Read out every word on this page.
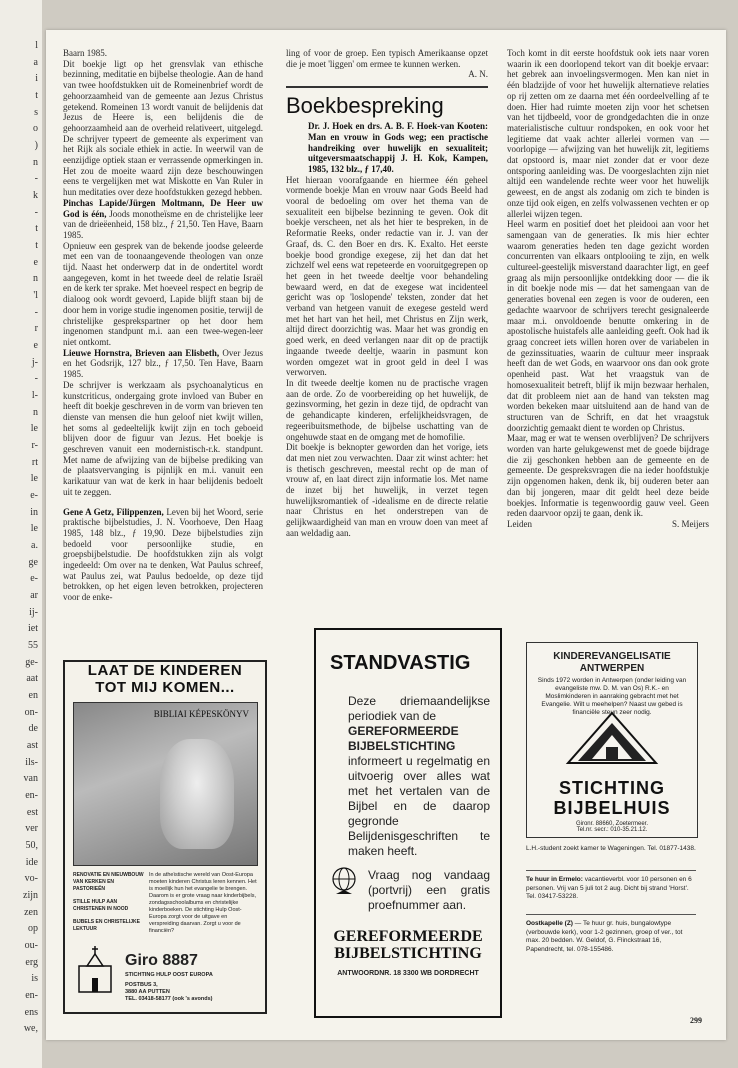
l
a
i
t
s
o
)
n
-
k
-
t
t
e
n
'l
-
r
e
j-
-
l-
n
le
r-
rt
le
e-
in
le
a.
ge
e-
ar
ij-
iet
55
ge-
aat
en
on-
de
ast
ils-
van
en-
est
ver
50,
ide
vo-
zijn
zen
op
ou-
erg
is
en-
ens
we,

Baarn 1985.

Dit boekje ligt op het grensvlak van ethische bezinning, meditatie en bijbelse theologie. Aan de hand van twee hoofdstukken uit de Romeinenbrief wordt de gehoorzaamheid van de gemeente aan Jezus Christus getekend. Romeinen 13 wordt vanuit de belijdenis dat Jezus de Heere is, een belijdenis die de gehoorzaamheid aan de overheid relativeert, uitgelegd. De schrijver typeert de gemeente als experiment van het Rijk als sociale ethiek in actie. In weerwil van de eenzijdige optiek staan er verrassende opmerkingen in. Het zou de moeite waard zijn deze beschouwingen eens te vergelijken met wat Miskotte en Van Ruler in hun meditaties over deze hoofdstukken gezegd hebben.

Pinchas Lapide/Jürgen Moltmann, De Heer uw God is één, Joods monotheïsme en de christelijke leer van de drieëenheid, 158 blz., ƒ 21,50. Ten Have, Baarn 1985.

Opnieuw een gesprek van de bekende joodse geleerde met een van de toonaangevende theologen van onze tijd. Naast het onderwerp dat in de ondertitel wordt aangegeven, komt in het tweede deel de relatie Israël en de kerk ter sprake. Met hoeveel respect en begrip de dialoog ook wordt gevoerd, Lapide blijft staan bij de door hem in vorige studie ingenomen positie, terwijl de christelijke gesprekspartner op het door hem ingenomen standpunt m.i. aan een twee-wegen-leer niet ontkomt.

Lieuwe Hornstra, Brieven aan Elisbeth, Over Jezus en het Godsrijk, 127 blz., ƒ 17,50. Ten Have, Baarn 1985.

De schrijver is werkzaam als psychoanalyticus en kunstcriticus, ondergaing grote invloed van Buber en heeft dit boekje geschreven in de vorm van brieven ten dienste van mensen die hun geloof niet kwijt willen, het soms al gedeeltelijk kwijt zijn en toch geboeid blijven door de figuur van Jezus. Het boekje is geschreven vanuit een modernistisch-r.k. standpunt. Met name de afwijzing van de bijbelse prediking van de plaatsvervanging is pijnlijk en m.i. vanuit een karikatuur van wat de kerk in haar belijdenis bedoelt uit te zeggen.

Gene A Getz, Filippenzen, Leven bij het Woord, serie praktische bijbelstudies, J. N. Voorhoeve, Den Haag 1985, 148 blz., ƒ 19,90. Deze bijbelstudies zijn bedoeld voor persoonlijke studie, en groepsbijbelstudie. De hoofdstukken zijn als volgt ingedeeld: Om over na te denken, Wat Paulus schreef, wat Paulus zei, wat Paulus bedoelde, op deze tijd betrokken, op het eigen leven betrokken, projecteren voor de enke-

ling of voor de groep. Een typisch Amerikaanse opzet die je moet 'liggen' om ermee te kunnen werken.

A. N.

Boekbespreking

Dr. J. Hoek en drs. A. B. F. Hoek-van Kooten: Man en vrouw in Gods weg; een practische handreiking over huwelijk en sexualiteit; uitgeversmaatschappij J. H. Kok, Kampen, 1985, 132 blz., ƒ 17,40.

Het hieraan voorafgaande en hiermee één geheel vormende boekje Man en vrouw naar Gods Beeld had vooral de bedoeling om over het thema van de sexualiteit een bijbelse bezinning te geven. Ook dit boekje verscheen, net als het hier te bespreken, in de Reformatie Reeks, onder redactie van ir. J. van der Graaf, ds. C. den Boer en drs. K. Exalto. Het eerste boekje bood grondige exegese, zij het dan dat het zichzelf wel eens wat repeteerde en vooruitgegrepen op het geen in het tweede deeltje voor behandeling bewaard werd, en dat de exegese wat incidenteel gericht was op 'loslopende' teksten, zonder dat het verband van hetgeen vanuit de exegese gesteld werd met het hart van het heil, met Christus en Zijn werk, altijd direct doorzichtig was. Maar het was grondig en goed werk, en deed verlangen naar dit op de practijk ingaande tweede deeltje, waarin in pasmunt kon worden omgezet wat in groot geld in deel I was verworven.

In dit tweede deeltje komen nu de practische vragen aan de orde. Zo de voorbereiding op het huwelijk, de gezinsvorming, het gezin in deze tijd, de opdracht van de gehandicapte kinderen, erfelijkheidsvragen, de regeeribuitsmethode, de bijbelse uschatting van de ongehuwde staat en de omgang met de homofilie.

Dit boekje is beknopter geworden dan het vorige, iets dat men niet zou verwachten. Daar zit winst achter: het is thetisch geschreven, meestal recht op de man of vrouw af, en laat direct zijn informatie los. Met name de inzet bij het huwelijk, in verzet tegen huwelijksromantiek of -idealisme en de directe relatie naar Christus en het onderstrepen van de gelijkwaardigheid van man en vrouw doen van meet af aan weldadig aan.

Toch komt in dit eerste hoofdstuk ook iets naar voren waarin ik een doorlopend tekort van dit boekje ervaar: het gebrek aan invoelingsvermogen. Men kan niet in één bladzijde of voor het huwelijk alternatieve relaties op rij zetten om ze daarna met één oordeelvelling af te doen. Hier had ruimte moeten zijn voor het schetsen van het tijdbeeld, voor de grondgedachten die in onze materialistische cultuur rondspoken, en ook voor het legitieme dat vaak achter allerlei vormen van — voorlopige — afwijzing van het huwelijk zit, legitiems dat opstoord is, maar niet zonder dat er voor deze ontsporing aanleiding was. De voorgeslachten zijn niet altijd een wandelende rechte weer voor het huwelijk geweest, en de angst als zodanig om zich te binden is onze tijd ook eigen, en zelfs volwassenen vechten er op allerlei wijzen tegen.

Heel warm en positief doet het pleidooi aan voor het samengaan van de generaties. Ik mis hier echter waarom generaties heden ten dage gezicht worden concurrenten van elkaars ontplooiing te zijn, en welk cultureel-geestelijk misverstand daarachter ligt, en geef graag als mijn persoonlijke ontdekking door — die ik in dit boekje node mis — dat het samengaan van de generaties bovenal een zegen is voor de ouderen, een gedachte waarvoor de schrijvers terecht gesignaleerde maar m.i. onvoldoende benutte omkering in de apostolische huistafels alle aanleiding geeft. Ook had ik graag concreet iets willen horen over de variabelen in de gezinssituaties, waarin de cultuur meer inspraak heeft dan de wet Gods, en waarvoor ons dan ook grote openheid past. Wat het vraagstuk van de homosexualiteit betreft, blijf ik mijn bezwaar herhalen, dat dit probleem niet aan de hand van teksten mag worden bekeken maar uitsluitend aan de hand van de structuren van de Schrift, en dat het vraagstuk doorzichtig gemaakt dient te worden op Christus.

Maar, mag er wat te wensen overblijven? De schrijvers worden van harte gelukgewenst met de goede bijdrage die zij geschonken hebben aan de gemeente en de gemeente. De gespreksvragen die na ieder hoofdstukje zijn opgenomen haken, denk ik, bij ouderen beter aan dan bij jongeren, maar dit geldt heel deze beide boekjes. Informatie is tegenwoordig gauw veel. Geen reden daarvoor opzij te gaan, denk ik.

Leiden	S. Meijers

LAAT DE KINDEREN
TOT MIJ KOMEN...
BIBLIAI KÉPESKÖNYV
RENOVATIE EN NIEUWBOUW VAN KERKEN EN PASTORIEËN
STILLE HULP AAN CHRISTENEN IN NOOD
BIJBELS EN CHRISTELIJKE LEKTUUR
In de atheïstische wereld van Oost-Europa moeten kinderen Christus leren kennen. Het is moeilijk hun het evangelie te brengen. Daarom is er grote vraag naar kinderbijbels, zondagsschoolalbums en christelijke kinderboeken. De stichting Hulp Oost-Europa zorgt voor de uitgave en verspreiding daarvan. Zorgt u voor de financiën?
Giro 8887
STICHTING HULP OOST EUROPA
POSTBUS 3,
3880 AA PUTTEN
TEL. 03418-58177 (ook 's avonds)
STANDVASTIG
Deze driemaandelijkse periodiek van de
GEREFORMEERDE BIJBELSTICHTING
informeert u regelmatig en uitvoerig over alles wat met het vertalen van de Bijbel en de daarop gegronde Belijdenisgeschriften te maken heeft.
Vraag nog vandaag (portvrij) een gratis proefnummer aan.
GEREFORMEERDE
BIJBELSTICHTING
ANTWOORDNR. 18 3300 WB DORDRECHT
KINDEREVANGELISATIE
ANTWERPEN
Sinds 1972 worden in Antwerpen (onder leiding van evangeliste mw. D. M. van Os) R.K.- en Moslimkinderen in aanraking gebracht met het Evangelie. Wilt u meehelpen? Naast uw gebed is financiële steun zeer nodig.
STICHTING
BIJBELHUIS
Gironr. 88660, Zoetermeer.
Tel.nr. secr.: 010-35.21.12.
L.H.-student zoekt kamer te Wageningen. Tel. 01877-1438.
Te huur in Ermelo: vacantieverbl. voor 10 personen en 6 personen. Vrij van 5 juli tot 2 aug. Dicht bij strand 'Horst'. Tel. 03417-53228.
Oostkapelle (Z) — Te huur gr. huis, bungalowtype (verbouwde kerk), voor 1-2 gezinnen, groep of ver., tot max. 20 bedden. W. Geldof, G. Flinckstraat 16, Papendrecht, tel. 078-155486.
299
